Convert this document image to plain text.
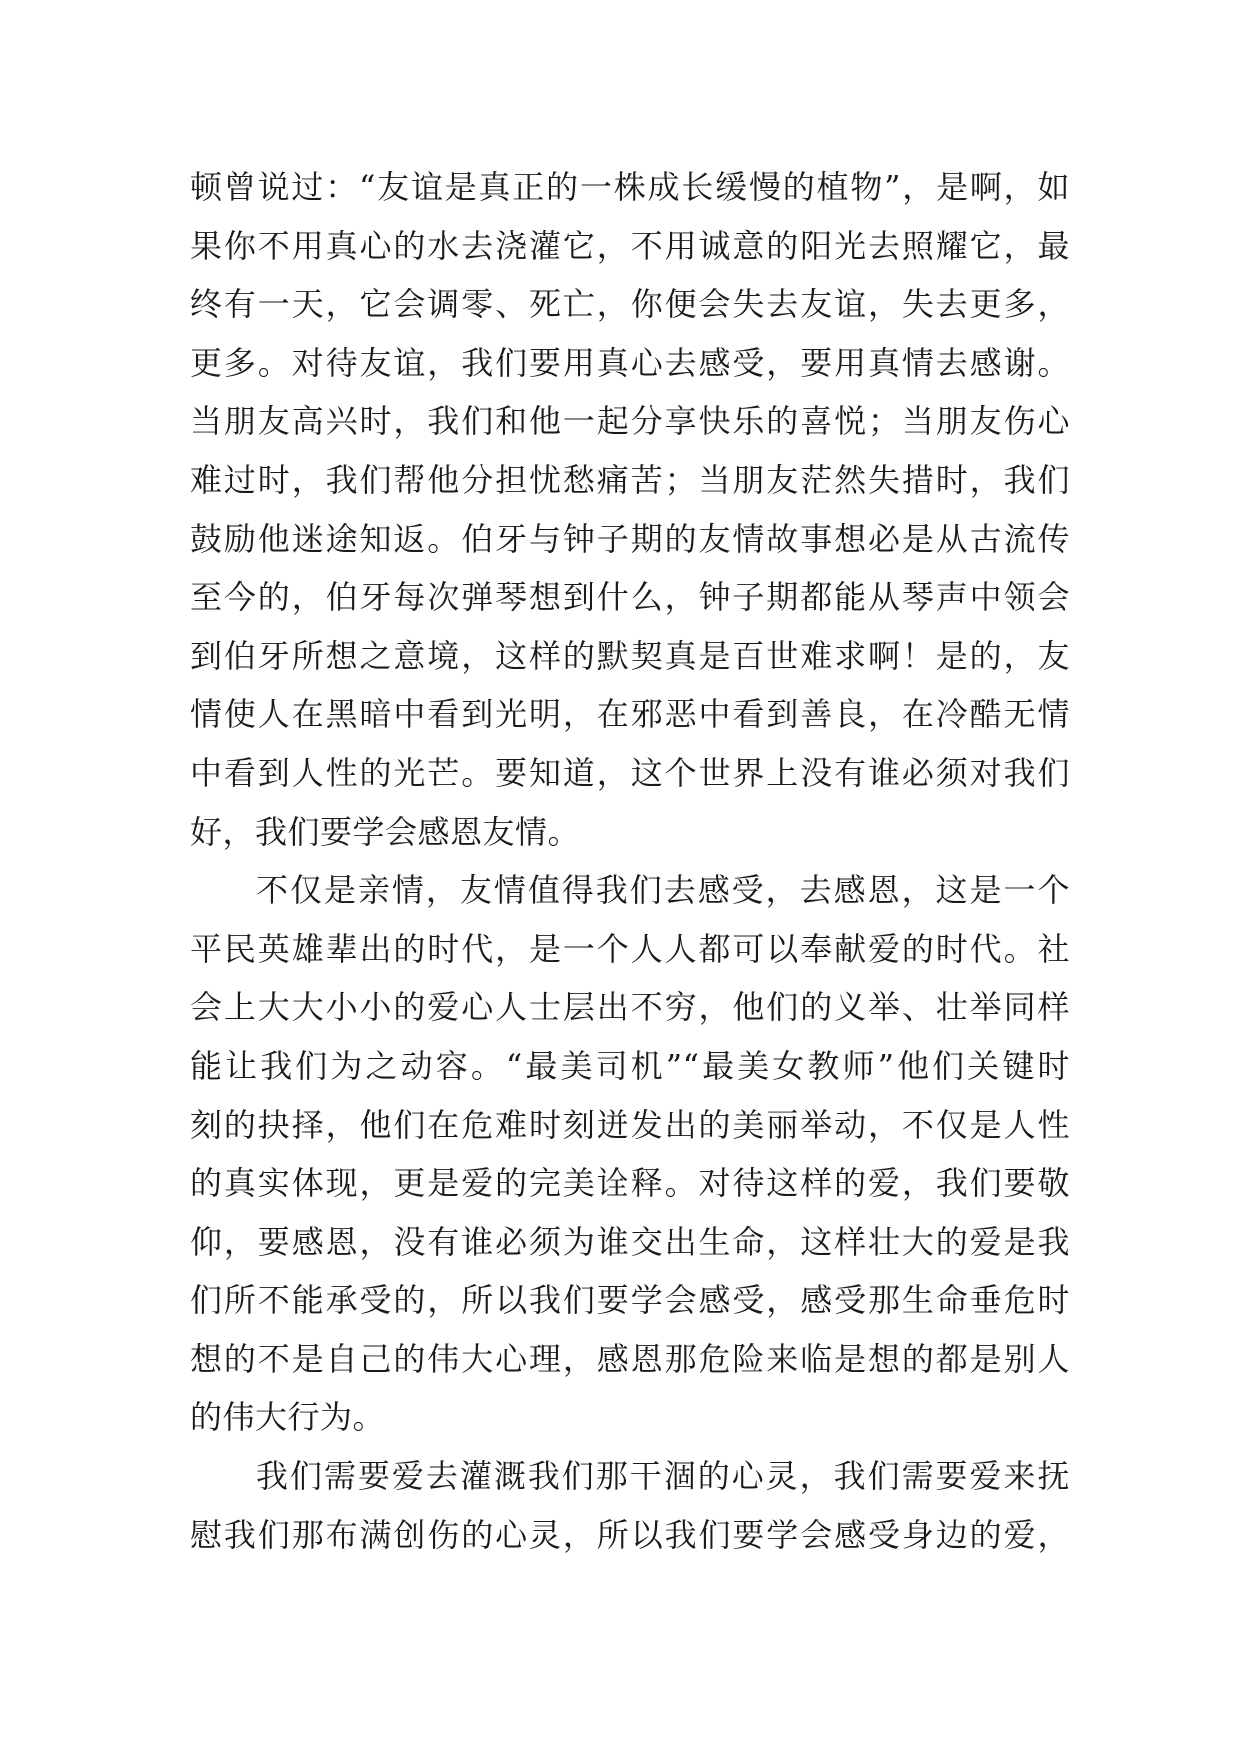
顿曾说过：“友谊是真正的一株成长缓慢的植物”，是啊，如
果你不用真心的水去浇灌它，不用诚意的阳光去照耀它，最
终有一天，它会调零、死亡，你便会失去友谊，失去更多，
更多。对待友谊，我们要用真心去感受，要用真情去感谢。
当朋友高兴时，我们和他一起分享快乐的喜悦；当朋友伤心
难过时，我们帮他分担忧愁痛苦；当朋友茫然失措时，我们
鼓励他迷途知返。伯牙与钟子期的友情故事想必是从古流传
至今的，伯牙每次弹琴想到什么，钟子期都能从琴声中领会
到伯牙所想之意境，这样的默契真是百世难求啊！是的，友
情使人在黑暗中看到光明，在邪恶中看到善良，在冷酷无情
中看到人性的光芒。要知道，这个世界上没有谁必须对我们
好，我们要学会感恩友情。
不仅是亲情，友情值得我们去感受，去感恩，这是一个
平民英雄辈出的时代，是一个人人都可以奉献爱的时代。社
会上大大小小的爱心人士层出不穷，他们的义举、壮举同样
能让我们为之动容。“最美司机”“最美女教师”他们关键时
刻的抉择，他们在危难时刻迸发出的美丽举动，不仅是人性
的真实体现，更是爱的完美诠释。对待这样的爱，我们要敬
仰，要感恩，没有谁必须为谁交出生命，这样壮大的爱是我
们所不能承受的，所以我们要学会感受，感受那生命垂危时
想的不是自己的伟大心理，感恩那危险来临是想的都是别人
的伟大行为。
我们需要爱去灌溉我们那干涸的心灵，我们需要爱来抚
慰我们那布满创伤的心灵，所以我们要学会感受身边的爱，
